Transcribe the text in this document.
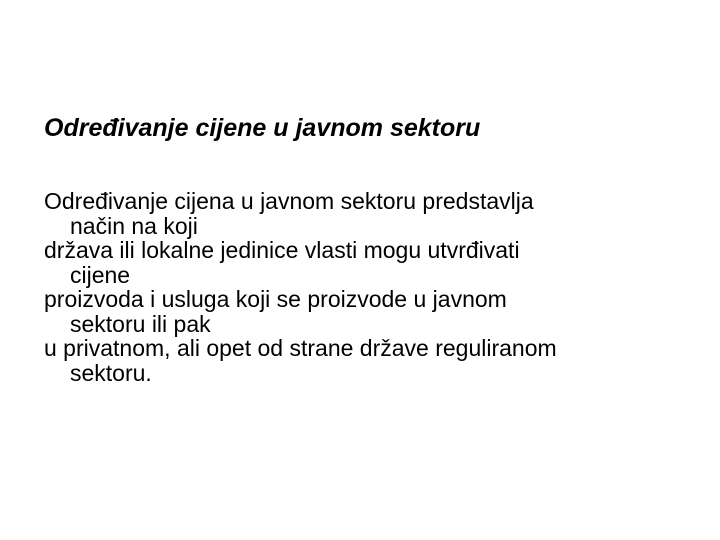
Određivanje cijene u javnom sektoru
Određivanje cijena u javnom sektoru predstavlja
način na koji
država ili lokalne jedinice vlasti mogu utvrđivati
cijene
proizvoda i usluga koji se proizvode u javnom
sektoru ili pak
u privatnom, ali opet od strane države reguliranom
sektoru.
